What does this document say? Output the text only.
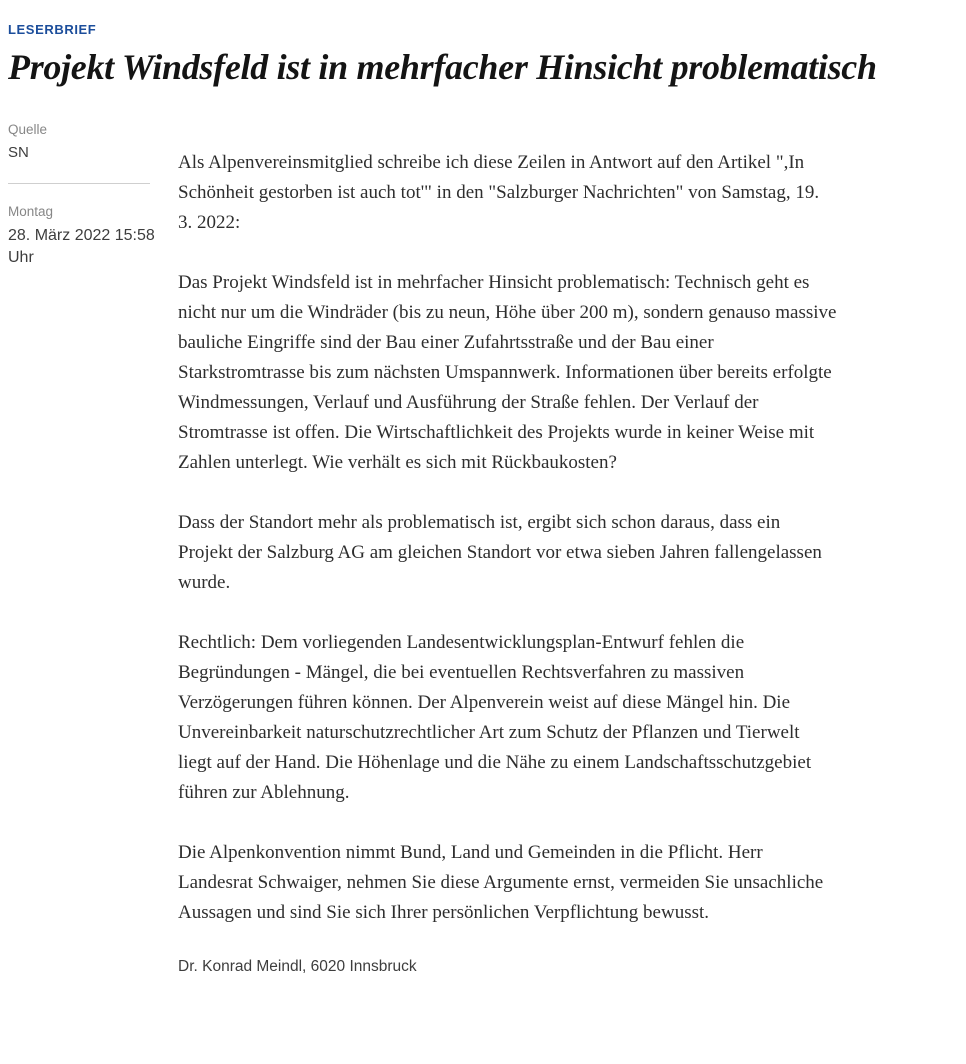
LESERBRIEF
Projekt Windsfeld ist in mehrfacher Hinsicht problematisch
Quelle
SN
Montag
28. März 2022 15:58 Uhr

Als Alpenvereinsmitglied schreibe ich diese Zeilen in Antwort auf den Artikel ",In Schönheit gestorben ist auch tot'" in den "Salzburger Nachrichten" von Samstag, 19. 3. 2022:

Das Projekt Windsfeld ist in mehrfacher Hinsicht problematisch: Technisch geht es nicht nur um die Windräder (bis zu neun, Höhe über 200 m), sondern genauso massive bauliche Eingriffe sind der Bau einer Zufahrtsstraße und der Bau einer Starkstromtrasse bis zum nächsten Umspannwerk. Informationen über bereits erfolgte Windmessungen, Verlauf und Ausführung der Straße fehlen. Der Verlauf der Stromtrasse ist offen. Die Wirtschaftlichkeit des Projekts wurde in keiner Weise mit Zahlen unterlegt. Wie verhält es sich mit Rückbaukosten?

Dass der Standort mehr als problematisch ist, ergibt sich schon daraus, dass ein Projekt der Salzburg AG am gleichen Standort vor etwa sieben Jahren fallengelassen wurde.

Rechtlich: Dem vorliegenden Landesentwicklungsplan-Entwurf fehlen die Begründungen - Mängel, die bei eventuellen Rechtsverfahren zu massiven Verzögerungen führen können. Der Alpenverein weist auf diese Mängel hin. Die Unvereinbarkeit naturschutzrechtlicher Art zum Schutz der Pflanzen und Tierwelt liegt auf der Hand. Die Höhenlage und die Nähe zu einem Landschaftsschutzgebiet führen zur Ablehnung.

Die Alpenkonvention nimmt Bund, Land und Gemeinden in die Pflicht. Herr Landesrat Schwaiger, nehmen Sie diese Argumente ernst, vermeiden Sie unsachliche Aussagen und sind Sie sich Ihrer persönlichen Verpflichtung bewusst.

Dr. Konrad Meindl, 6020 Innsbruck
